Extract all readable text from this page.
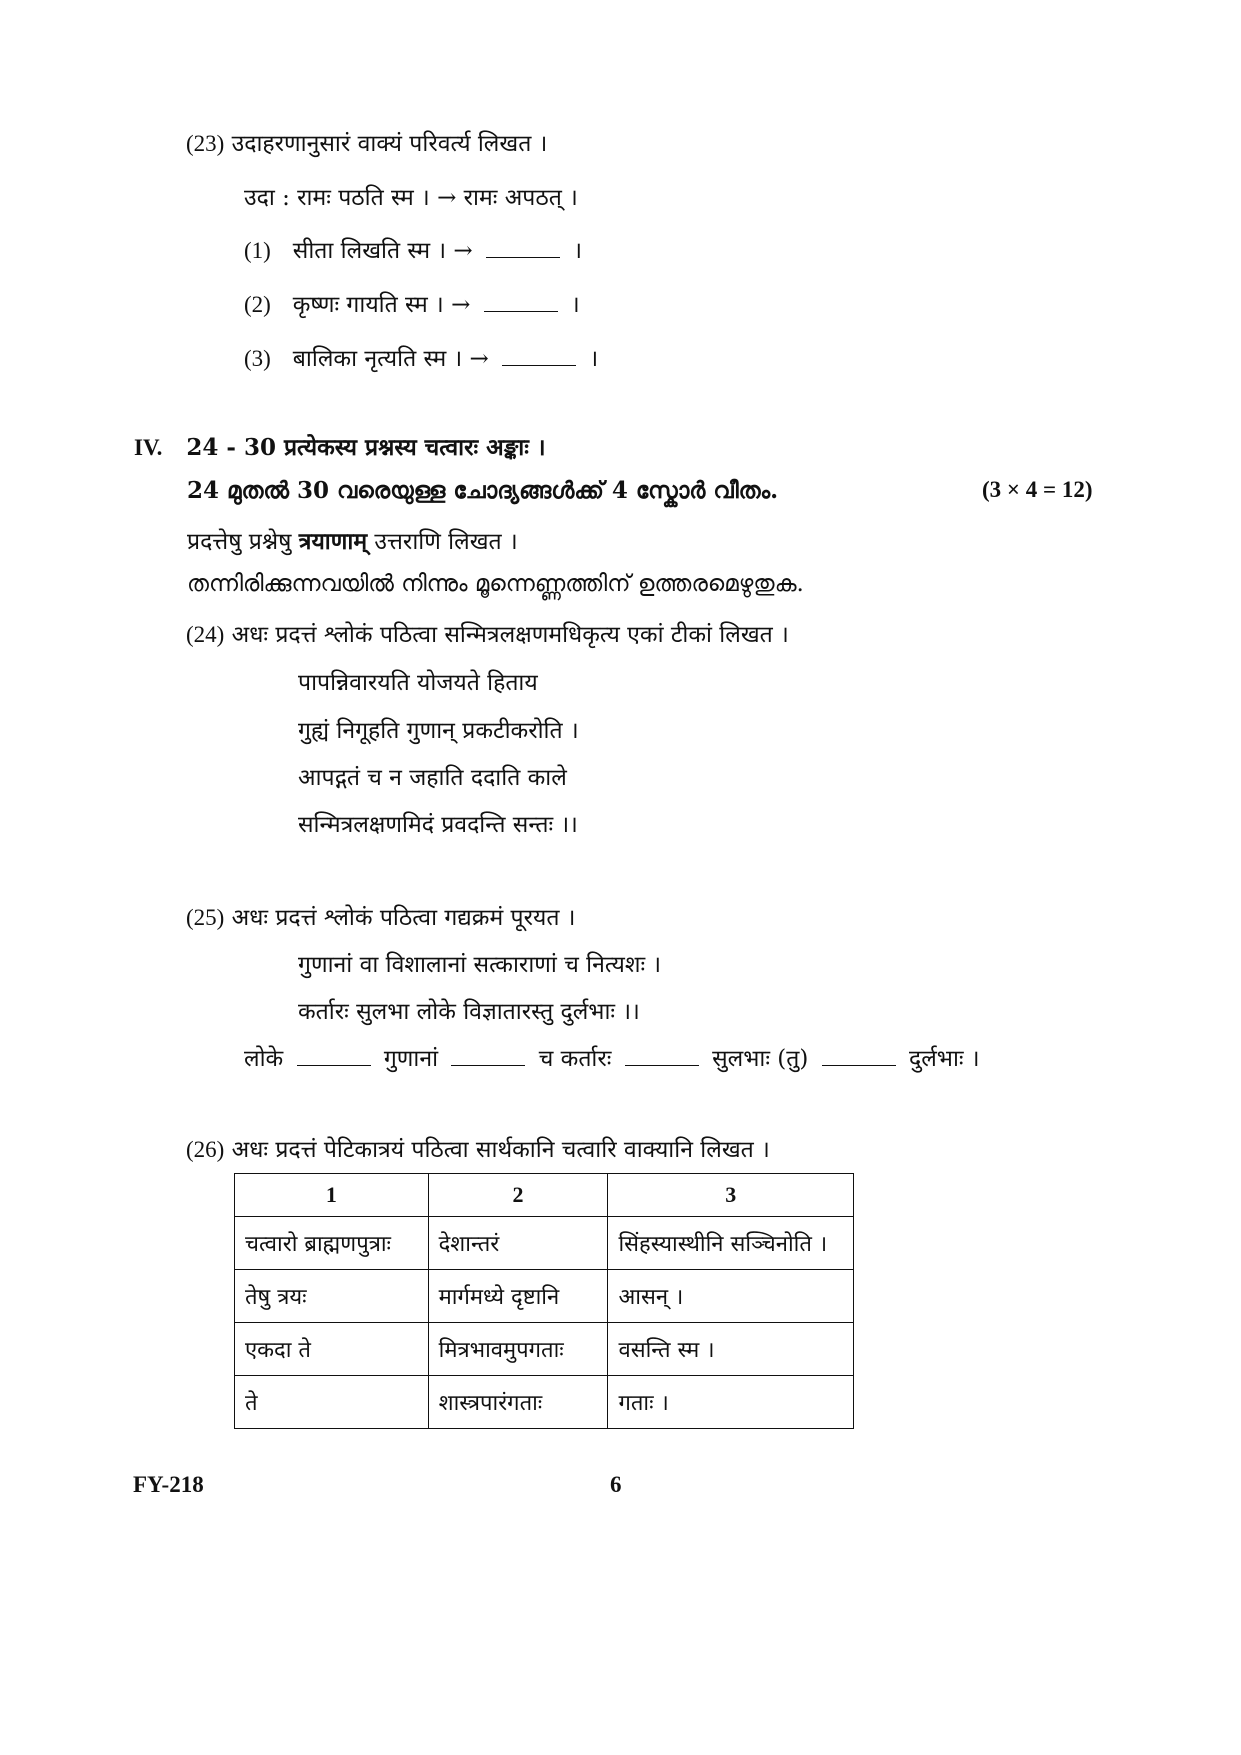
(23) उदाहरणानुसारं वाक्यं परिवर्त्य लिखत ।
उदा : रामः पठति स्म । → रामः अपठत् ।
(1) सीता लिखति स्म । →	।
(2) कृष्णः गायति स्म । →	।
(3) बालिका नृत्यति स्म । →	।
IV. 24 - 30 प्रत्येकस्य प्रश्नस्य चत्वारः अङ्काः ।
24 മുതൽ 30 വരെയുള്ള ചോദ്യങ്ങൾക്ക് 4 സ്കോർ വീതം.	(3 × 4 = 12)
प्रदत्तेषु प्रश्नेषु त्रयाणाम् उत्तराणि लिखत ।
തന്നിരിക്കുന്നവയിൽ നിന്നും മൂന്നെണ്ണത്തിന് ഉത്തരമെഴുതുക.
(24) अधः प्रदत्तं श्लोकं पठित्वा सन्मित्रलक्षणमधिकृत्य एकां टीकां लिखत ।
पापन्निवारयति योजयते हिताय
गुह्यं निगूहति गुणान् प्रकटीकरोति ।
आपद्गतं च न जहाति ददाति काले
सन्मित्रलक्षणमिदं प्रवदन्ति सन्तः ।।
(25) अधः प्रदत्तं श्लोकं पठित्वा गद्यक्रमं पूरयत ।
गुणानां वा विशालानां सत्काराणां च नित्यशः ।
कर्तारः सुलभा लोके विज्ञातारस्तु दुर्लभाः ।।
लोके	गुणानां	च कर्तारः	सुलभाः (तु)	दुर्लभाः ।
(26) अधः प्रदत्तं पेटिकात्रयं पठित्वा सार्थकानि चत्वारि वाक्यानि लिखत ।
1	2	3
चत्वारो ब्राह्मणपुत्राः	देशान्तरं	सिंहस्यास्थीनि सञ्चिनोति ।
तेषु त्रयः	मार्गमध्ये दृष्टानि	आसन् ।
एकदा ते	मित्रभावमुपगताः	वसन्ति स्म ।
ते	शास्त्रपारंगताः	गताः ।
FY-218	6
